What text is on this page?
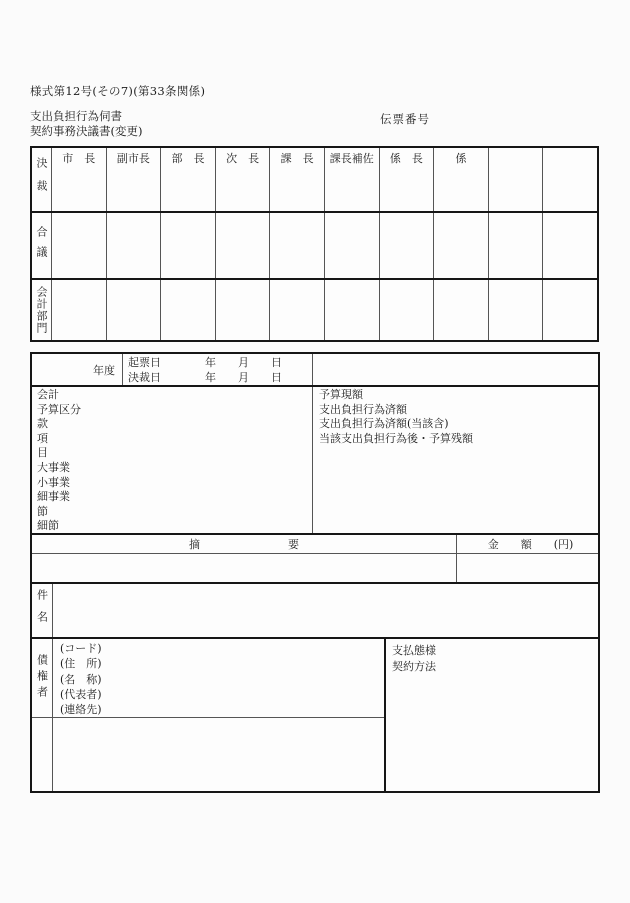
様式第12号(その7)(第33条関係)
支出負担行為伺書
契約事務決議書(変更)
伝票番号
決裁	市　長	副市長	部　長	次　長	課　長	課長補佐	係　長	係
合議
会計部門
年度
起票日　　　　年　　月　　日
決裁日　　　　年　　月　　日
会計
予算区分
款
項
目
大事業
小事業
細事業
節
細節
予算現額
支出負担行為済額
支出負担行為済額(当該含)
当該支出負担行為後・予算残額
摘　　　　　　　　要	金　　額　　(円)
件名
債権者
(コード)
(住　所)
(名　称)
(代表者)
(連絡先)
支払態様
契約方法
